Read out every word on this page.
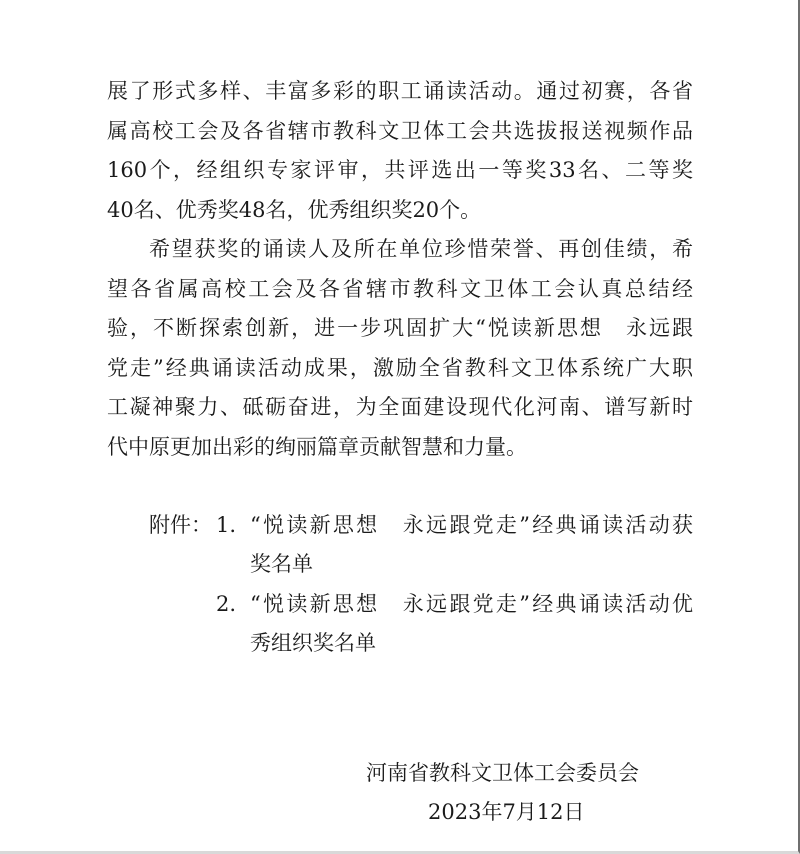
展了形式多样、丰富多彩的职工诵读活动。通过初赛，各省
属高校工会及各省辖市教科文卫体工会共选拔报送视频作品
160个，经组织专家评审，共评选出一等奖33名、二等奖
40名、优秀奖48名，优秀组织奖20个。
希望获奖的诵读人及所在单位珍惜荣誉、再创佳绩，希
望各省属高校工会及各省辖市教科文卫体工会认真总结经
验，不断探索创新，进一步巩固扩大“悦读新思想　永远跟
党走”经典诵读活动成果，激励全省教科文卫体系统广大职
工凝神聚力、砥砺奋进，为全面建设现代化河南、谱写新时
代中原更加出彩的绚丽篇章贡献智慧和力量。
附件： 1. “悦读新思想　永远跟党走”经典诵读活动获
奖名单
2. “悦读新思想　永远跟党走”经典诵读活动优
秀组织奖名单
河南省教科文卫体工会委员会
2023年7月12日
